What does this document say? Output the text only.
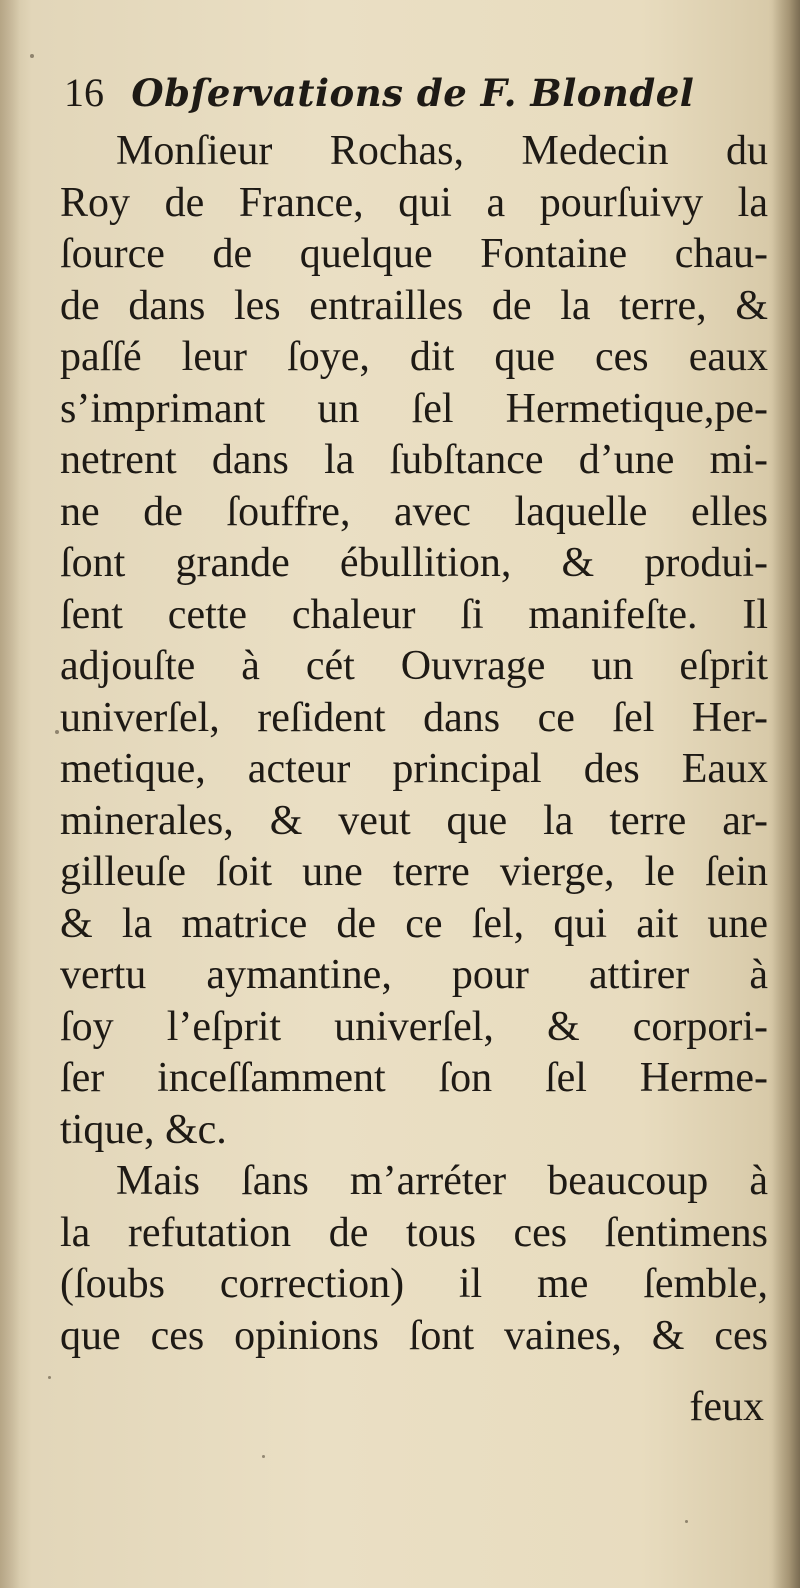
16 Obſervations de F. Blondel
Monſieur Rochas, Medecin du
Roy de France, qui a pourſuivy la
ſource de quelque Fontaine chau-
de dans les entrailles de la terre, &
paſſé leur ſoye, dit que ces eaux
s’imprimant un ſel Hermetique,pe-
netrent dans la ſubſtance d’une mi-
ne de ſouffre, avec laquelle elles
ſont grande ébullition, & produi-
ſent cette chaleur ſi manifeſte. Il
adjouſte à cét Ouvrage un eſprit
univerſel, reſident dans ce ſel Her-
metique, acteur principal des Eaux
minerales, & veut que la terre ar-
gilleuſe ſoit une terre vierge, le ſein
& la matrice de ce ſel, qui ait une
vertu aymantine, pour attirer à
ſoy l’eſprit univerſel, & corpori-
ſer inceſſamment ſon ſel Herme-
tique, &c.
Mais ſans m’arréter beaucoup à
la refutation de tous ces ſentimens
(ſoubs correction) il me ſemble,
que ces opinions ſont vaines, & ces
feux
